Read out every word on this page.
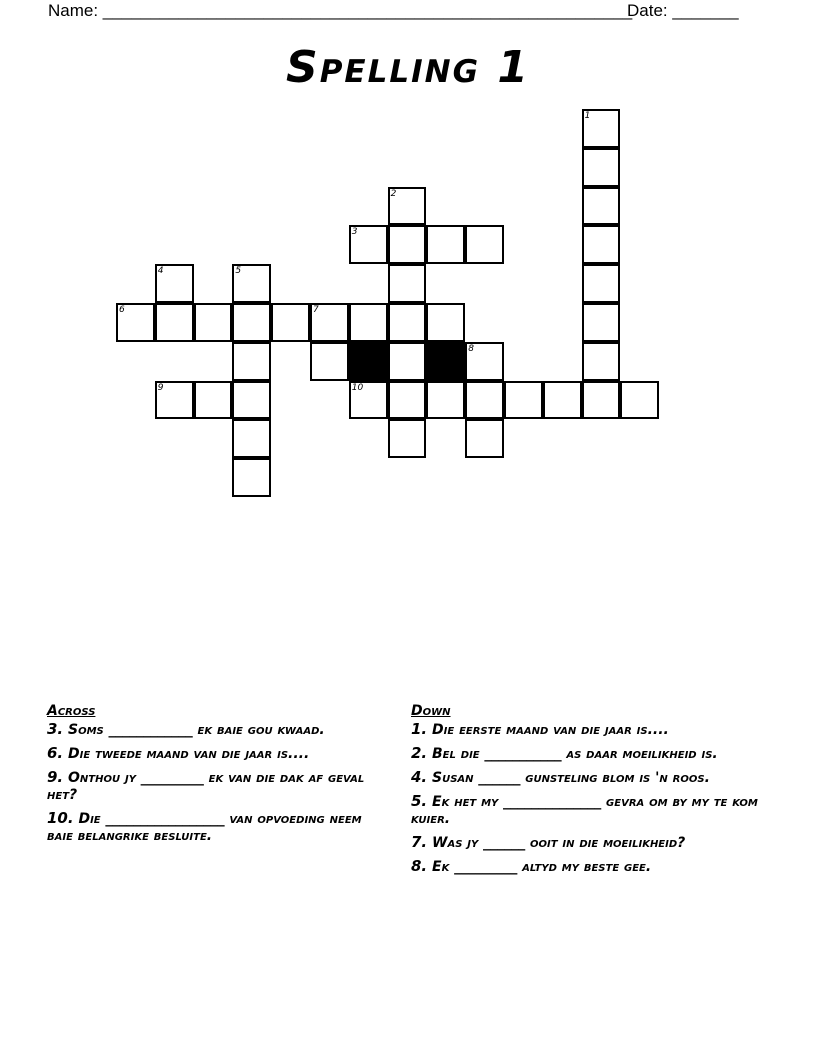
Name: ________________________________________________________
Date: _______
Spelling 1
1
2
3
4	5
6	7
8
9	10
Across
3. Soms ____________ ek baie gou kwaad.
6. Die tweede maand van die jaar is....
9. Onthou jy _________ ek van die dak af geval het?
10. Die _________________ van opvoeding neem baie belangrike besluite.
Down
1. Die eerste maand van die jaar is....
2. Bel die ___________ as daar moeilikheid is.
4. Susan ______ gunsteling blom is 'n roos.
5. Ek het my ______________ gevra om by my te kom kuier.
7. Was jy ______ ooit in die moeilikheid?
8. Ek _________ altyd my beste gee.
